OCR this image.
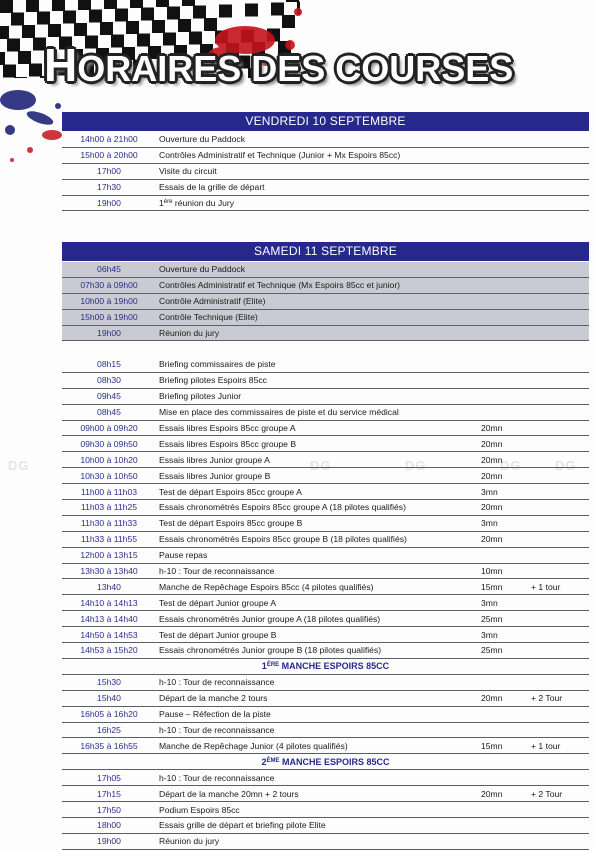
HORAIRES DES COURSES
DG	DG	DG	DG	DG
VENDREDI 10 SEPTEMBRE
14h00 à 21h00	Ouverture du Paddock
15h00 à 20h00	Contrôles Administratif et Technique (Junior + Mx Espoirs 85cc)
17h00	Visite du circuit
17h30	Essais de la grille de départ
19h00	1ère réunion du Jury
SAMEDI 11 SEPTEMBRE
06h45	Ouverture du Paddock
07h30 à 09h00	Contrôles Administratif et Technique (Mx Espoirs 85cc et junior)
10h00 à 19h00	Contrôle Administratif (Elite)
15h00 à 19h00	Contrôle Technique (Elite)
19h00	Réunion du jury
08h15	Briefing commissaires de piste		
08h30	Briefing pilotes Espoirs 85cc		
09h45	Briefing pilotes Junior		
08h45	Mise en place des commissaires de piste et du service médical		
09h00 à 09h20	Essais libres Espoirs 85cc groupe A	20mn	
09h30 à 09h50	Essais libres Espoirs 85cc groupe B	20mn	
10h00 à 10h20	Essais libres Junior groupe A	20mn	
10h30 à 10h50	Essais libres Junior groupe B	20mn	
11h00 à 11h03	Test de départ Espoirs 85cc groupe A	3mn	
11h03 à 11h25	Essais chronométrés Espoirs 85cc groupe A (18 pilotes qualifiés)	20mn	
11h30 à 11h33	Test de départ Espoirs 85cc groupe B	3mn	
11h33 à 11h55	Essais chronométrés Espoirs 85cc groupe B (18 pilotes qualifiés)	20mn	
12h00 à 13h15	Pause repas		
13h30 à 13h40	h-10 : Tour de reconnaissance	10mn	
13h40	Manche de Repêchage Espoirs 85cc (4 pilotes qualifiés)	15mn	+ 1 tour
14h10 à 14h13	Test de départ Junior groupe A	3mn	
14h13 à 14h40	Essais chronométrés Junior groupe A (18 pilotes qualifiés)	25mn	
14h50 à 14h53	Test de départ Junior groupe B	3mn	
14h53 à 15h20	Essais chronométrés Junior groupe B (18 pilotes qualifiés)	25mn	
1ÈRE MANCHE ESPOIRS 85CC			
15h30	h-10 : Tour de reconnaissance		
15h40	Départ de la manche 2 tours	20mn	+ 2 Tour
16h05 à 16h20	Pause – Réfection de la piste		
16h25	h-10 : Tour de reconnaissance		
16h35 à 16h55	Manche de Repêchage Junior (4 pilotes qualifiés)	15mn	+ 1 tour
2ÈME MANCHE ESPOIRS 85CC			
17h05	h-10 : Tour de reconnaissance		
17h15	Départ de la manche 20mn + 2 tours	20mn	+ 2 Tour
17h50	Podium Espoirs 85cc		
18h00	Essais grille de départ et briefing pilote Elite		
19h00	Réunion du jury		
